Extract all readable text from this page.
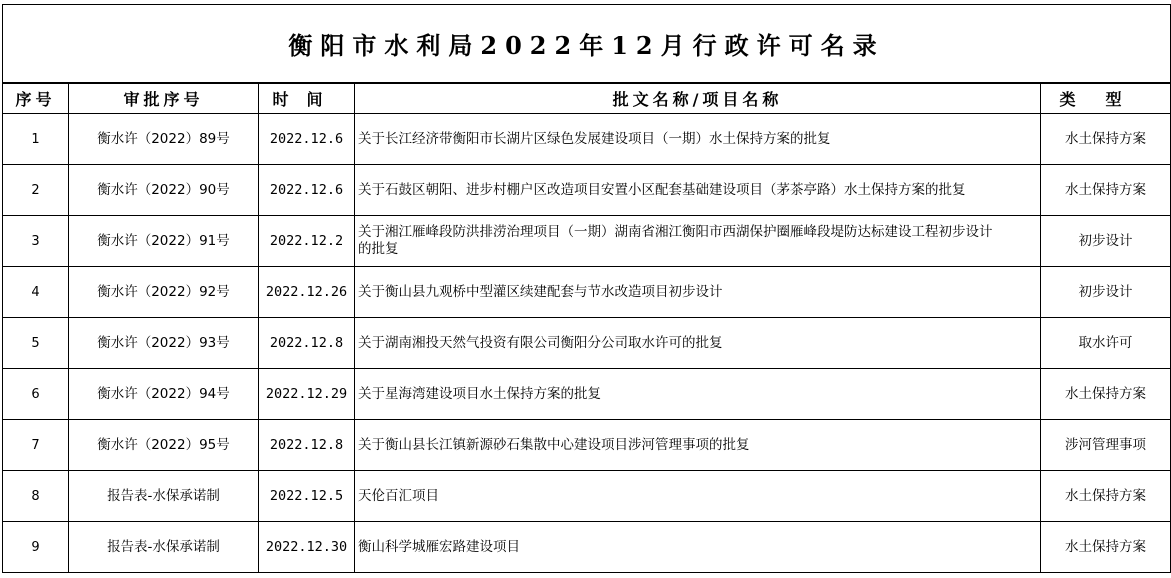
衡阳市水利局2022年12月行政许可名录				
序号	审批序号	时间	批文名称/项目名称	类型
1	衡水许（2022）89号	2022.12.6	关于长江经济带衡阳市长湖片区绿色发展建设项目（一期）水土保持方案的批复	水土保持方案
2	衡水许（2022）90号	2022.12.6	关于石鼓区朝阳、进步村棚户区改造项目安置小区配套基础建设项目（茅茶亭路）水土保持方案的批复	水土保持方案
3	衡水许（2022）91号	2022.12.2	关于湘江雁峰段防洪排涝治理项目（一期）湖南省湘江衡阳市西湖保护圈雁峰段堤防达标建设工程初步设计的批复	初步设计
4	衡水许（2022）92号	2022.12.26	关于衡山县九观桥中型灌区续建配套与节水改造项目初步设计	初步设计
5	衡水许（2022）93号	2022.12.8	关于湖南湘投天然气投资有限公司衡阳分公司取水许可的批复	取水许可
6	衡水许（2022）94号	2022.12.29	关于星海湾建设项目水土保持方案的批复	水土保持方案
7	衡水许（2022）95号	2022.12.8	关于衡山县长江镇新源砂石集散中心建设项目涉河管理事项的批复	涉河管理事项
8	报告表-水保承诺制	2022.12.5	天伦百汇项目	水土保持方案
9	报告表-水保承诺制	2022.12.30	衡山科学城雁宏路建设项目	水土保持方案
